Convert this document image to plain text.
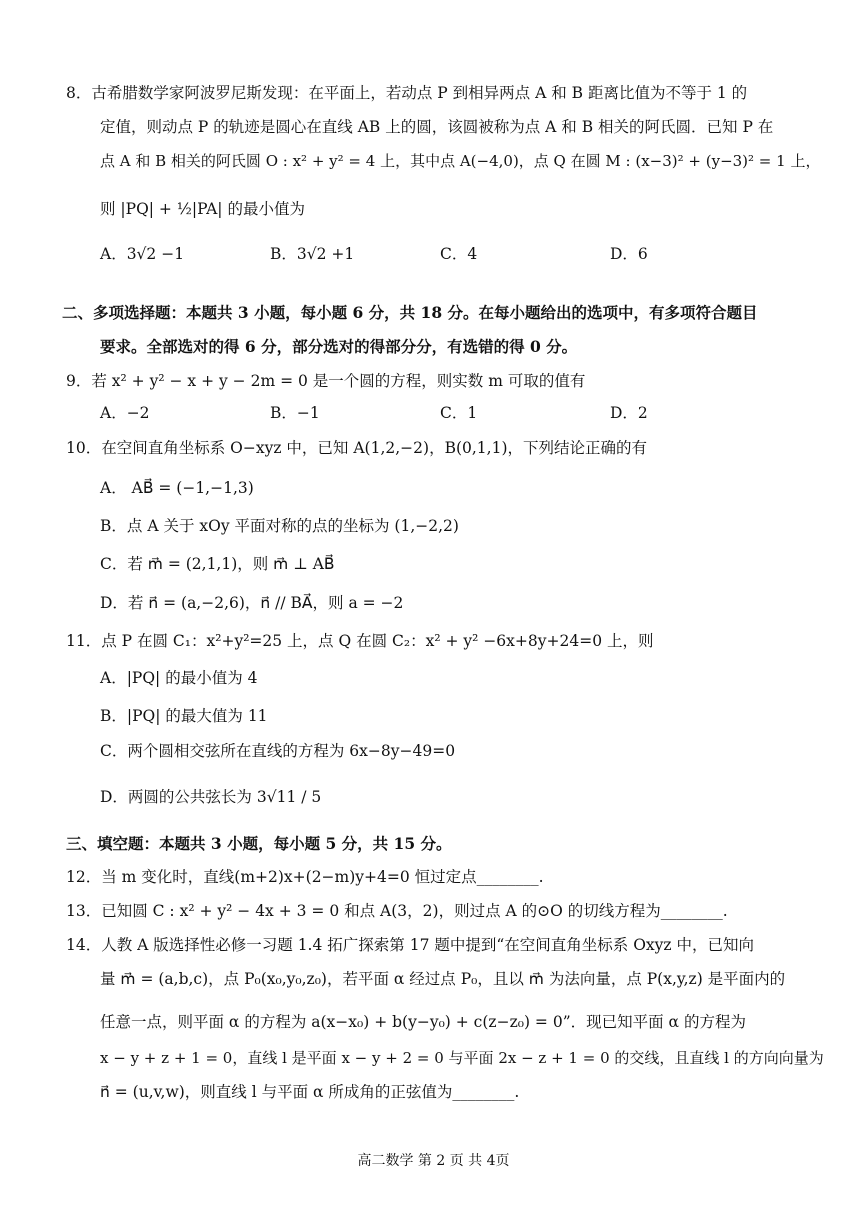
8．古希腊数学家阿波罗尼斯发现：在平面上，若动点 P 到相异两点 A 和 B 距离比值为不等于 1 的
定值，则动点 P 的轨迹是圆心在直线 AB 上的圆，该圆被称为点 A 和 B 相关的阿氏圆．已知 P 在
点 A 和 B 相关的阿氏圆 O : x² + y² = 4 上，其中点 A(−4,0)，点 Q 在圆 M : (x−3)² + (y−3)² = 1 上，
则 |PQ| + ½|PA| 的最小值为
A．3√2 −1	B．3√2 +1	C．4	D．6
二、多项选择题：本题共 3 小题，每小题 6 分，共 18 分。在每小题给出的选项中，有多项符合题目
要求。全部选对的得 6 分，部分选对的得部分分，有选错的得 0 分。
9．若 x² + y² − x + y − 2m = 0 是一个圆的方程，则实数 m 可取的值有
A．−2	B．−1	C．1	D．2
10．在空间直角坐标系 O−xyz 中，已知 A(1,2,−2)，B(0,1,1)，下列结论正确的有
A． AB⃗ = (−1,−1,3)
B．点 A 关于 xOy 平面对称的点的坐标为 (1,−2,2)
C．若 m⃗ = (2,1,1)，则 m⃗ ⊥ AB⃗
D．若 n⃗ = (a,−2,6)，n⃗ // BA⃗，则 a = −2
11．点 P 在圆 C₁：x²+y²=25 上，点 Q 在圆 C₂：x² + y² −6x+8y+24=0 上，则
A．|PQ| 的最小值为 4
B．|PQ| 的最大值为 11
C．两个圆相交弦所在直线的方程为 6x−8y−49=0
D．两圆的公共弦长为 3√11 / 5
三、填空题：本题共 3 小题，每小题 5 分，共 15 分。
12．当 m 变化时，直线(m+2)x+(2−m)y+4=0 恒过定点________.
13．已知圆 C : x² + y² − 4x + 3 = 0 和点 A(3，2)，则过点 A 的⊙O 的切线方程为________.
14．人教 A 版选择性必修一习题 1.4 拓广探索第 17 题中提到“在空间直角坐标系 Oxyz 中，已知向
量 m⃗ = (a,b,c)，点 P₀(x₀,y₀,z₀)，若平面 α 经过点 P₀，且以 m⃗ 为法向量，点 P(x,y,z) 是平面内的
任意一点，则平面 α 的方程为 a(x−x₀) + b(y−y₀) + c(z−z₀) = 0”．现已知平面 α 的方程为
x − y + z + 1 = 0，直线 l 是平面 x − y + 2 = 0 与平面 2x − z + 1 = 0 的交线，且直线 l 的方向向量为
n⃗ = (u,v,w)，则直线 l 与平面 α 所成角的正弦值为________.
高二数学 第 2 页 共 4页
